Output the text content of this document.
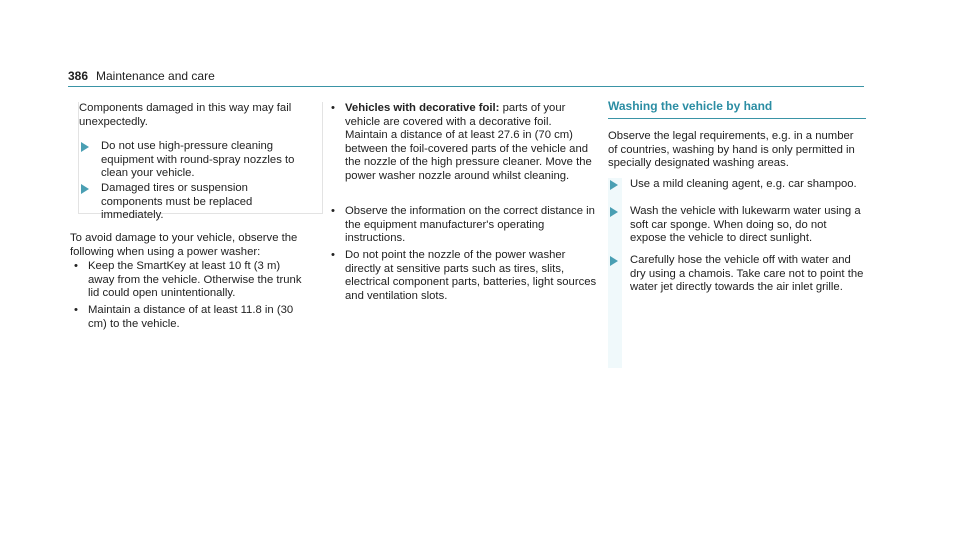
386 Maintenance and care
Components damaged in this way may fail unexpectedly.
Do not use high-pressure cleaning equipment with round-spray nozzles to clean your vehicle.
Damaged tires or suspension components must be replaced immediately.
To avoid damage to your vehicle, observe the following when using a power washer:
• Keep the SmartKey at least 10 ft (3 m) away from the vehicle. Otherwise the trunk lid could open unintentionally.
• Maintain a distance of at least 11.8 in (30 cm) to the vehicle.
• Vehicles with decorative foil: parts of your vehicle are covered with a decorative foil. Maintain a distance of at least 27.6 in (70 cm) between the foil-covered parts of the vehicle and the nozzle of the high pressure cleaner. Move the power washer nozzle around whilst cleaning.
• Observe the information on the correct distance in the equipment manufacturer's operating instructions.
• Do not point the nozzle of the power washer directly at sensitive parts such as tires, slits, electrical component parts, batteries, light sources and ventilation slots.
Washing the vehicle by hand
Observe the legal requirements, e.g. in a number of countries, washing by hand is only permitted in specially designated washing areas.
Use a mild cleaning agent, e.g. car shampoo.
Wash the vehicle with lukewarm water using a soft car sponge. When doing so, do not expose the vehicle to direct sunlight.
Carefully hose the vehicle off with water and dry using a chamois. Take care not to point the water jet directly towards the air inlet grille.
